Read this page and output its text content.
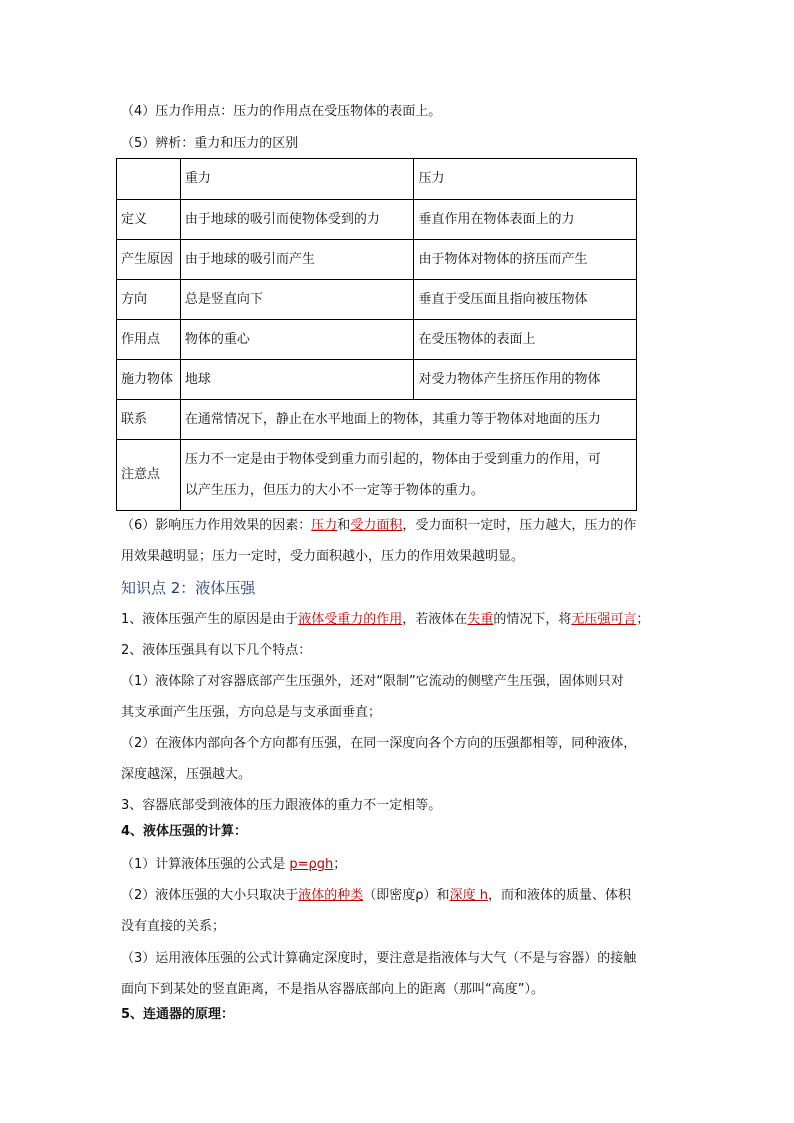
（4）压力作用点：压力的作用点在受压物体的表面上。
（5）辨析：重力和压力的区别
	重力	压力
定义	由于地球的吸引而使物体受到的力	垂直作用在物体表面上的力
产生原因	由于地球的吸引而产生	由于物体对物体的挤压而产生
方向	总是竖直向下	垂直于受压面且指向被压物体
作用点	物体的重心	在受压物体的表面上
施力物体	地球	对受力物体产生挤压作用的物体
联系	在通常情况下，静止在水平地面上的物体，其重力等于物体对地面的压力	
注意点	压力不一定是由于物体受到重力而引起的，物体由于受到重力的作用，可
以产生压力，但压力的大小不一定等于物体的重力。	
（6）影响压力作用效果的因素：压力和受力面积，受力面积一定时，压力越大，压力的作
用效果越明显；压力一定时，受力面积越小，压力的作用效果越明显。
知识点 2：液体压强
1、液体压强产生的原因是由于液体受重力的作用，若液体在失重的情况下，将无压强可言；
2、液体压强具有以下几个特点：
（1）液体除了对容器底部产生压强外，还对“限制”它流动的侧壁产生压强，固体则只对
其支承面产生压强，方向总是与支承面垂直；
（2）在液体内部向各个方向都有压强，在同一深度向各个方向的压强都相等，同种液体，
深度越深，压强越大。
3、容器底部受到液体的压力跟液体的重力不一定相等。
4、液体压强的计算：
（1）计算液体压强的公式是 p=ρgh；
（2）液体压强的大小只取决于液体的种类（即密度ρ）和深度 h，而和液体的质量、体积
没有直接的关系；
（3）运用液体压强的公式计算确定深度时，要注意是指液体与大气（不是与容器）的接触
面向下到某处的竖直距离，不是指从容器底部向上的距离（那叫“高度”）。
5、连通器的原理：
